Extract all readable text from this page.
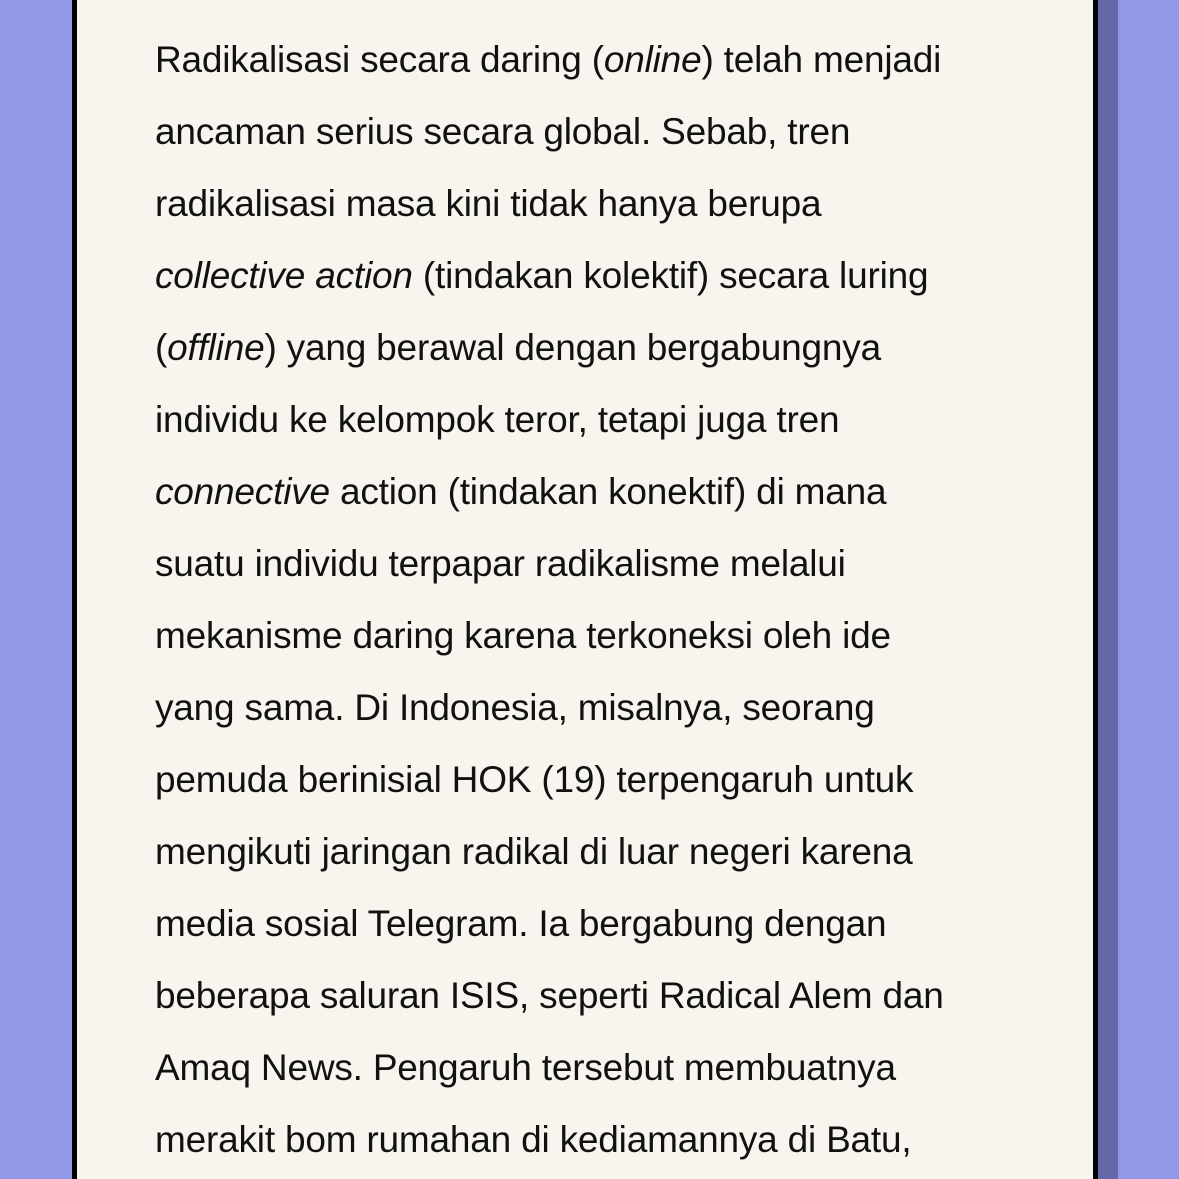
Radikalisasi secara daring (online) telah menjadi
ancaman serius secara global. Sebab, tren
radikalisasi masa kini tidak hanya berupa
collective action (tindakan kolektif) secara luring
(offline) yang berawal dengan bergabungnya
individu ke kelompok teror, tetapi juga tren
connective action (tindakan konektif) di mana
suatu individu terpapar radikalisme melalui
mekanisme daring karena terkoneksi oleh ide
yang sama. Di Indonesia, misalnya, seorang
pemuda berinisial HOK (19) terpengaruh untuk
mengikuti jaringan radikal di luar negeri karena
media sosial Telegram. Ia bergabung dengan
beberapa saluran ISIS, seperti Radical Alem dan
Amaq News. Pengaruh tersebut membuatnya
merakit bom rumahan di kediamannya di Batu,
